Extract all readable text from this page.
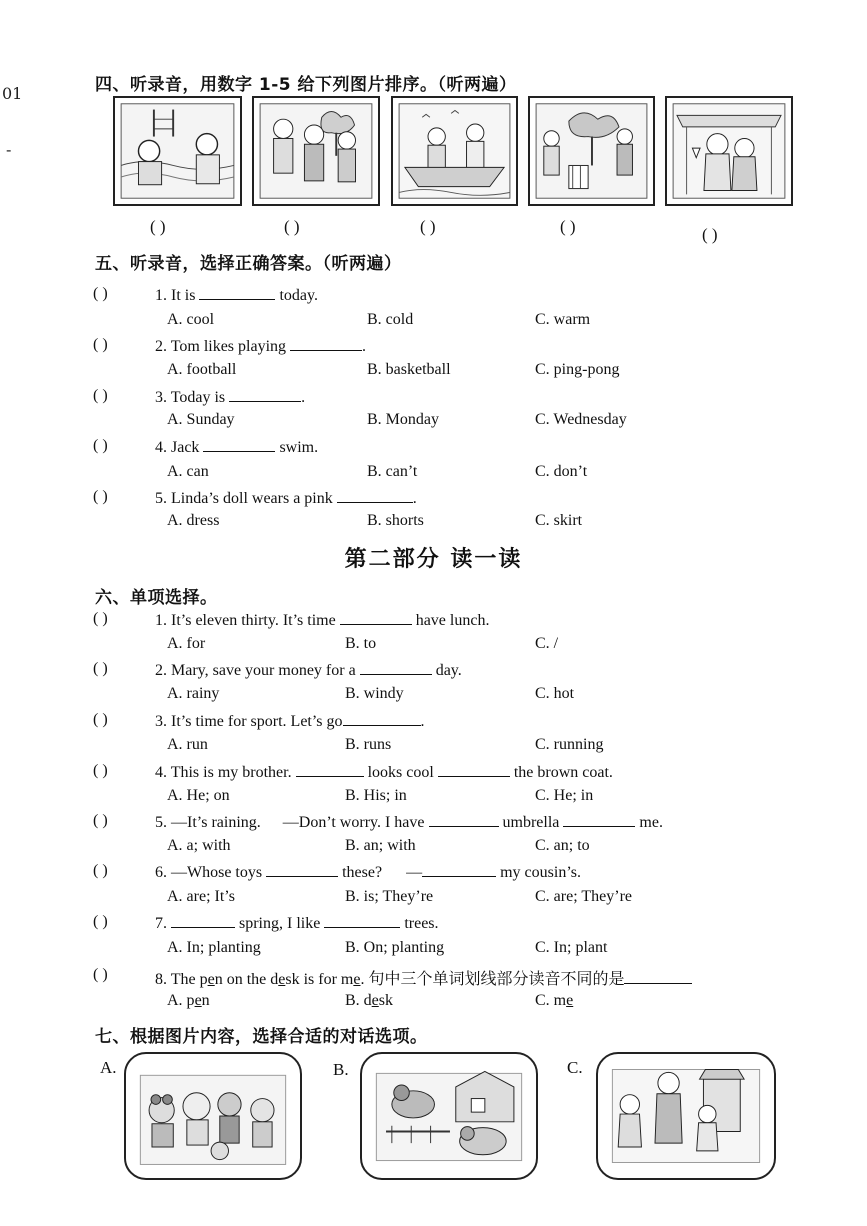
01
-
四、听录音，用数字 1-5 给下列图片排序。（听两遍）
( )	( )	( )	( )	( )
五、听录音，选择正确答案。（听两遍）
( )	1. It is	today.
A. cool	B. cold	C. warm
( )	2. Tom likes playing	.
A. football	B. basketball	C. ping-pong
( )	3. Today is	.
A. Sunday	B. Monday	C. Wednesday
( )	4. Jack	swim.
A. can	B. can’t	C. don’t
( )	5. Linda’s doll wears a pink	.
A. dress	B. shorts	C. skirt
第二部分 读一读
六、单项选择。
( )	1. It’s eleven thirty. It’s time	have lunch.
A. for	B. to	C. /
( )	2. Mary, save your money for a	day.
A. rainy	B. windy	C. hot
( )	3. It’s time for sport. Let’s go	.
A. run	B. runs	C. running
( )	4. This is my brother.	looks cool	the brown coat.
A. He; on	B. His; in	C. He; in
( )	5. —It’s raining. —Don’t worry. I have	umbrella	me.
A. a; with	B. an; with	C. an; to
( )	6. —Whose toys	these? —	my cousin’s.
A. are; It’s	B. is; They’re	C. are; They’re
( )	7.	spring, I like	trees.
A. In; planting	B. On; planting	C. In; plant
( )	8. The pen on the desk is for me. 句中三个单词划线部分读音不同的是
A. pen	B. desk	C. me
七、根据图片内容，选择合适的对话选项。
A.	B.	C.
